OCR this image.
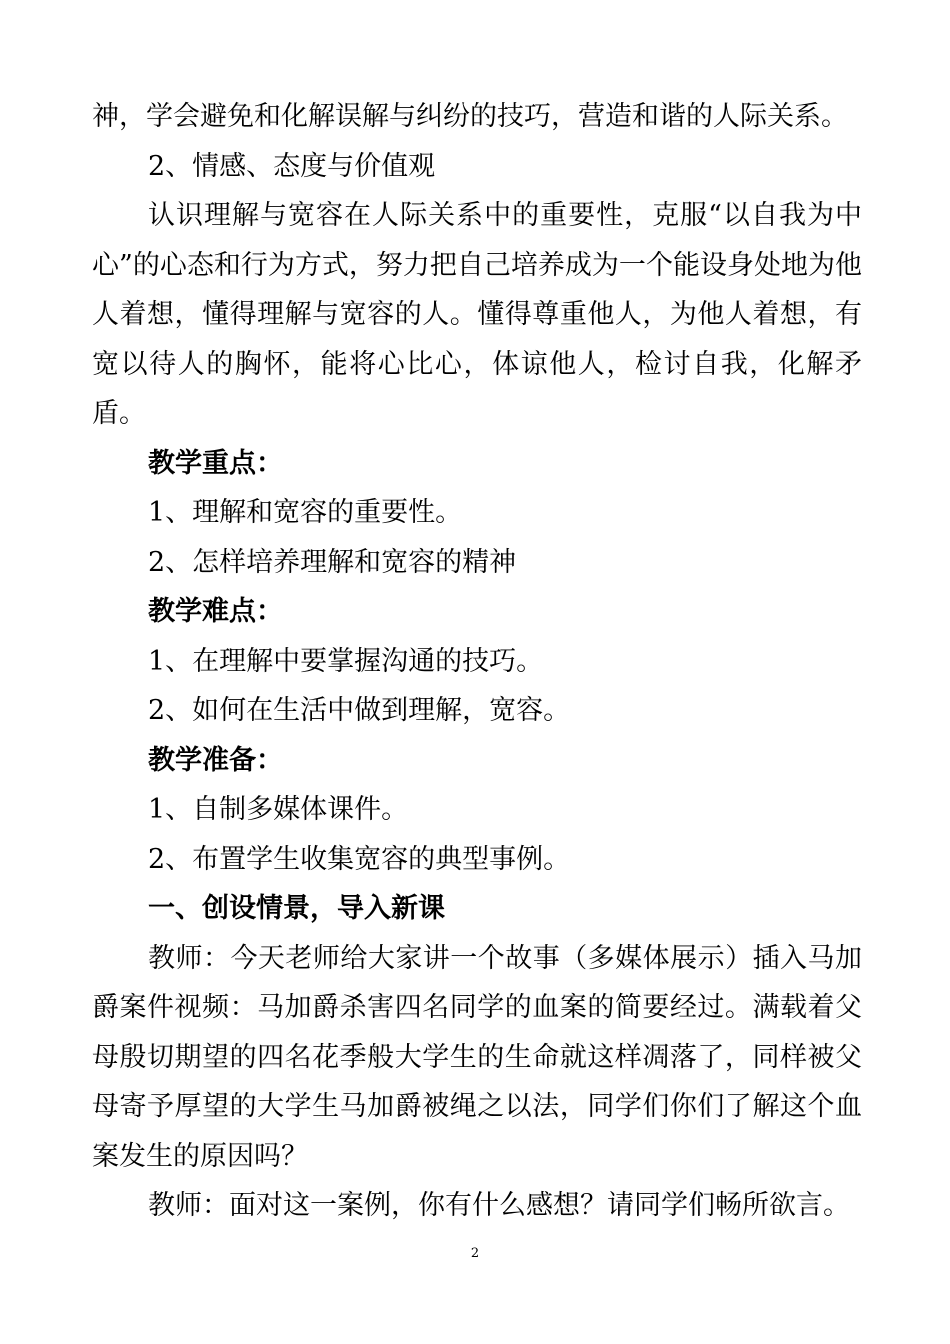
神，学会避免和化解误解与纠纷的技巧，营造和谐的人际关系。

2、情感、态度与价值观

认识理解与宽容在人际关系中的重要性，克服“以自我为中心”的心态和行为方式，努力把自己培养成为一个能设身处地为他人着想，懂得理解与宽容的人。懂得尊重他人，为他人着想，有宽以待人的胸怀，能将心比心，体谅他人，检讨自我，化解矛盾。

教学重点：

1、理解和宽容的重要性。

2、怎样培养理解和宽容的精神

教学难点：

1、在理解中要掌握沟通的技巧。

2、如何在生活中做到理解，宽容。

教学准备：

1、自制多媒体课件。

2、布置学生收集宽容的典型事例。

一、创设情景，导入新课

教师：今天老师给大家讲一个故事（多媒体展示）插入马加爵案件视频：马加爵杀害四名同学的血案的简要经过。满载着父母殷切期望的四名花季般大学生的生命就这样凋落了，同样被父母寄予厚望的大学生马加爵被绳之以法，同学们你们了解这个血案发生的原因吗？

教师：面对这一案例，你有什么感想？请同学们畅所欲言。

2
